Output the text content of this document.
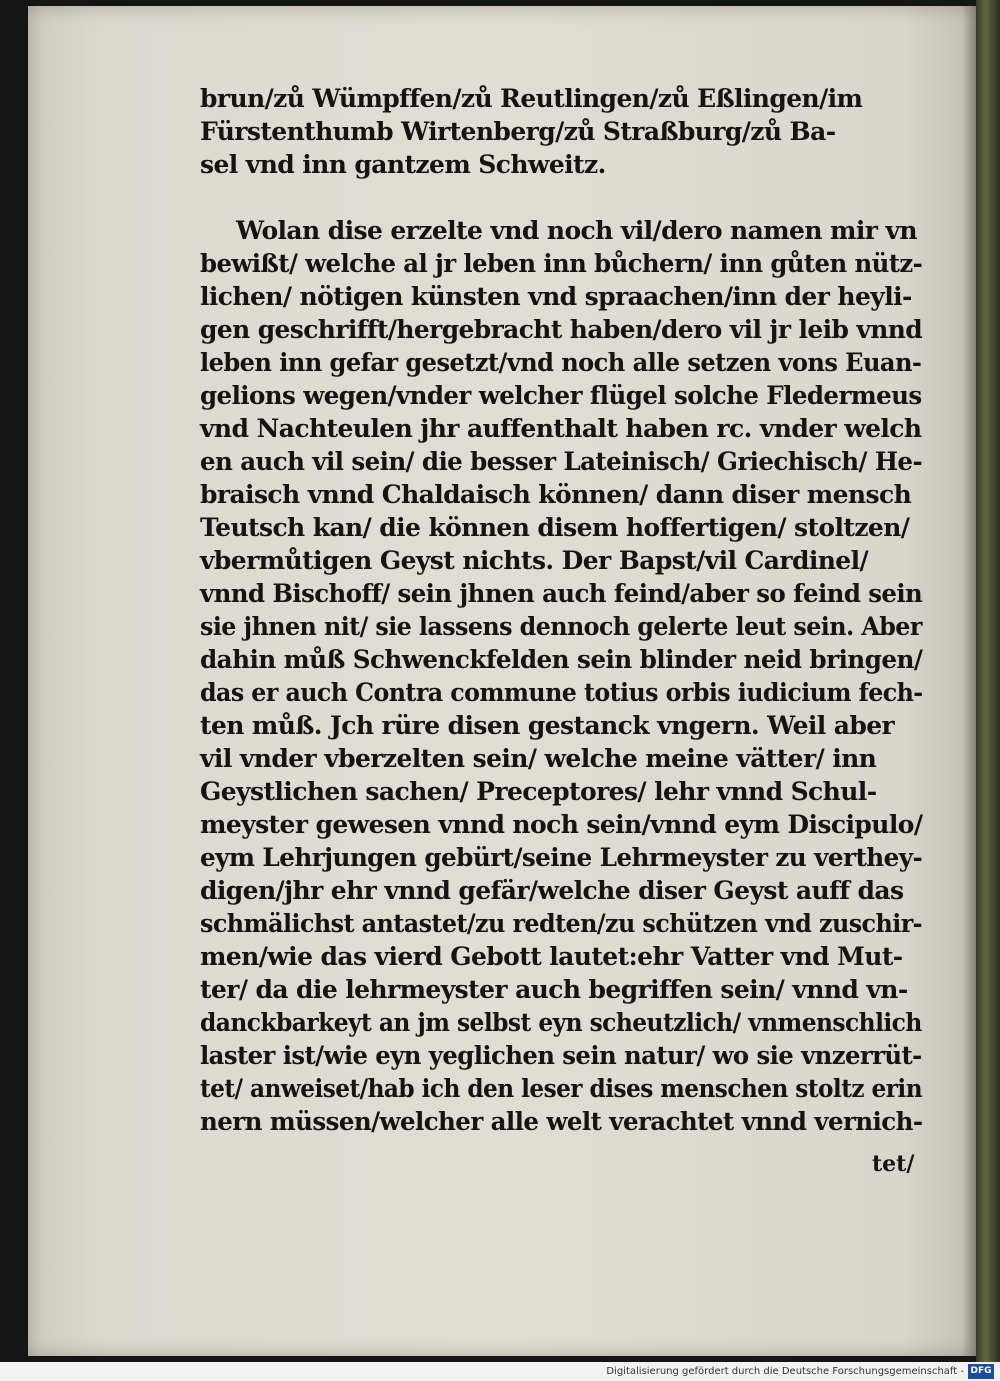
brun/zů Wümpffen/zů Reutlingen/zů Eßlingen/im
Fürstenthumb Wirtenberg/zů Straßburg/zů Ba-
sel vnd inn gantzem Schweitz.
Wolan dise erzelte vnd noch vil/dero namen mir vn
bewißt/ welche al jr leben inn bůchern/ inn gůten nütz-
lichen/ nötigen künsten vnd spraachen/inn der heyli-
gen geschrifft/hergebracht haben/dero vil jr leib vnnd
leben inn gefar gesetzt/vnd noch alle setzen vons Euan-
gelions wegen/vnder welcher flügel solche Fledermeus
vnd Nachteulen jhr auffenthalt haben rc. vnder welch
en auch vil sein/ die besser Lateinisch/ Griechisch/ He-
braisch vnnd Chaldaisch können/ dann diser mensch
Teutsch kan/ die können disem hoffertigen/ stoltzen/
vbermůtigen Geyst nichts. Der Bapst/vil Cardinel/
vnnd Bischoff/ sein jhnen auch feind/aber so feind sein
sie jhnen nit/ sie lassens dennoch gelerte leut sein. Aber
dahin můß Schwenckfelden sein blinder neid bringen/
das er auch Contra commune totius orbis iudicium fech-
ten můß. Jch rüre disen gestanck vngern. Weil aber
vil vnder vberzelten sein/ welche meine vätter/ inn
Geystlichen sachen/ Preceptores/ lehr vnnd Schul-
meyster gewesen vnnd noch sein/vnnd eym Discipulo/
eym Lehrjungen gebürt/seine Lehrmeyster zu verthey-
digen/jhr ehr vnnd gefär/welche diser Geyst auff das
schmälichst antastet/zu redten/zu schützen vnd zuschir-
men/wie das vierd Gebott lautet:ehr Vatter vnd Mut-
ter/ da die lehrmeyster auch begriffen sein/ vnnd vn-
danckbarkeyt an jm selbst eyn scheutzlich/ vnmenschlich
laster ist/wie eyn yeglichen sein natur/ wo sie vnzerrüt-
tet/ anweiset/hab ich den leser dises menschen stoltz erin
nern müssen/welcher alle welt verachtet vnnd vernich-
tet/
Digitalisierung gefördert durch die Deutsche Forschungsgemeinschaft - DFG
